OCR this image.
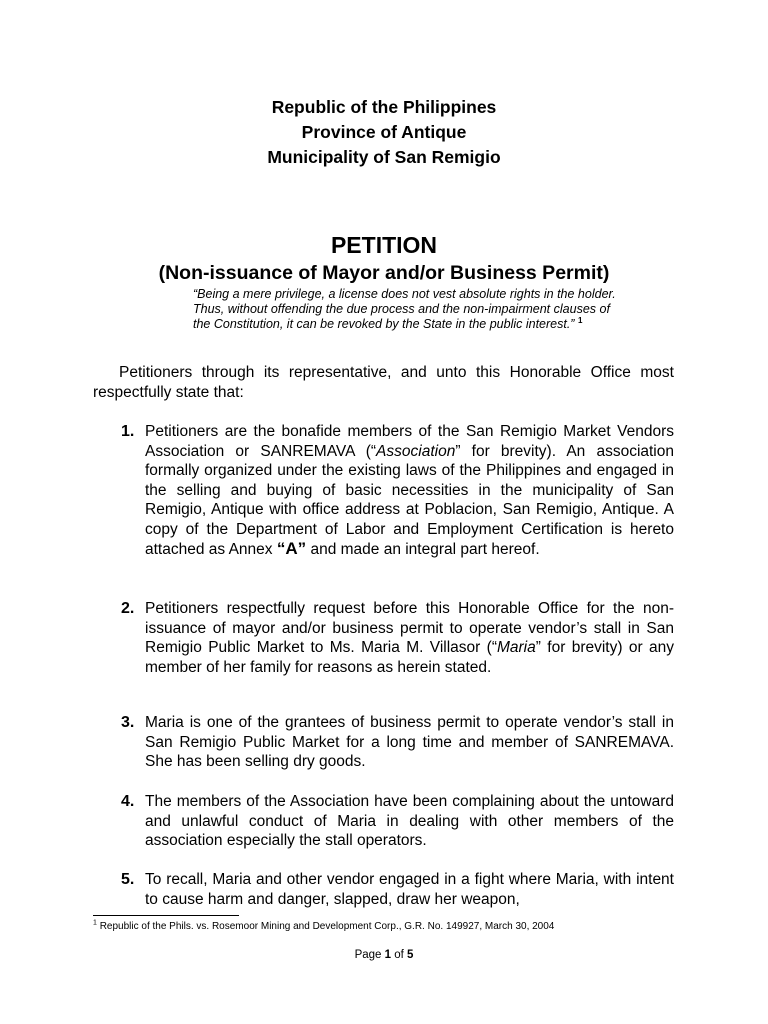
Republic of the Philippines
Province of Antique
Municipality of San Remigio
PETITION
(Non-issuance of Mayor and/or Business Permit)
“Being a mere privilege, a license does not vest absolute rights in the holder. Thus, without offending the due process and the non-impairment clauses of the Constitution, it can be revoked by the State in the public interest.” $^1$
Petitioners through its representative, and unto this Honorable Office most respectfully state that:
1. Petitioners are the bonafide members of the San Remigio Market Vendors Association or SANREMAVA (“Association” for brevity). An association formally organized under the existing laws of the Philippines and engaged in the selling and buying of basic necessities in the municipality of San Remigio, Antique with office address at Poblacion, San Remigio, Antique. A copy of the Department of Labor and Employment Certification is hereto attached as Annex “A” and made an integral part hereof.
2. Petitioners respectfully request before this Honorable Office for the non-issuance of mayor and/or business permit to operate vendor’s stall in San Remigio Public Market to Ms. Maria M. Villasor (“Maria” for brevity) or any member of her family for reasons as herein stated.
3. Maria is one of the grantees of business permit to operate vendor’s stall in San Remigio Public Market for a long time and member of SANREMAVA. She has been selling dry goods.
4. The members of the Association have been complaining about the untoward and unlawful conduct of Maria in dealing with other members of the association especially the stall operators.
5. To recall, Maria and other vendor engaged in a fight where Maria, with intent to cause harm and danger, slapped, draw her weapon,
$^1$ Republic of the Phils. vs. Rosemoor Mining and Development Corp., G.R. No. 149927, March 30, 2004
Page 1 of 5
